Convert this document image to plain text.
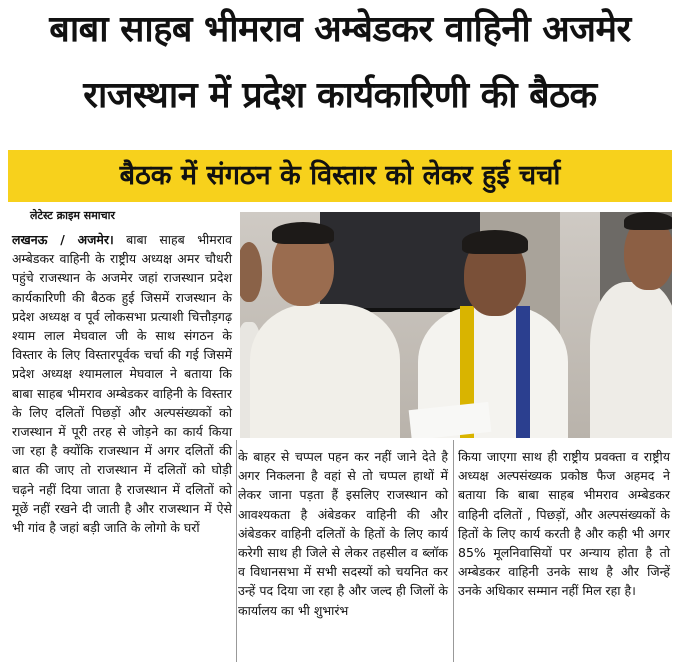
बाबा साहब भीमराव अम्बेडकर वाहिनी अजमेर
राजस्थान में प्रदेश कार्यकारिणी की बैठक
बैठक में संगठन के विस्तार को लेकर हुई चर्चा
लेटेस्ट क्राइम समाचार

लखनऊ / अजमेर। बाबा साहब भीमराव अम्बेडकर वाहिनी के राष्ट्रीय अध्यक्ष अमर चौधरी पहुंचे राजस्थान के अजमेर जहां राजस्थान प्रदेश कार्यकारिणी की बैठक हुई जिसमें राजस्थान के प्रदेश अध्यक्ष व पूर्व लोकसभा प्रत्याशी चित्तौड़गढ़ श्याम लाल मेघवाल जी के साथ संगठन के विस्तार के लिए विस्तारपूर्वक चर्चा की गई जिसमें प्रदेश अध्यक्ष श्यामलाल मेघवाल ने बताया कि बाबा साहब भीमराव अम्बेडकर वाहिनी के विस्तार के लिए दलितों पिछड़ों और अल्पसंख्यकों को राजस्थान में पूरी तरह से जोड़ने का कार्य किया जा रहा है क्योंकि राजस्थान में अगर दलितों की बात की जाए तो राजस्थान में दलितों को घोड़ी चढ़ने नहीं दिया जाता है राजस्थान में दलितों को मूछें नहीं रखने दी जाती है और राजस्थान में ऐसे भी गांव है जहां बड़ी जाति के लोगो के घरों

के बाहर से चप्पल पहन कर नहीं जाने देते है अगर निकलना है वहां से तो चप्पल हाथों में लेकर जाना पड़ता हैं इसलिए राजस्थान को आवश्यकता है अंबेडकर वाहिनी की और अंबेडकर वाहिनी दलितों के हितों के लिए कार्य करेगी साथ ही जिले से लेकर तहसील व ब्लॉक व विधानसभा में सभी सदस्यों को चयनित कर उन्हें पद दिया जा रहा है और जल्द ही जिलों के कार्यालय का भी शुभारंभ

किया जाएगा साथ ही राष्ट्रीय प्रवक्ता व राष्ट्रीय अध्यक्ष अल्पसंख्यक प्रकोष्ठ फैज अहमद ने बताया कि बाबा साहब भीमराव अम्बेडकर वाहिनी दलितों , पिछड़ों, और अल्पसंख्यकों के हितों के लिए कार्य करती है और कही भी अगर 85% मूलनिवासियों पर अन्याय होता है तो अम्बेडकर वाहिनी उनके साथ है और जिन्हें उनके अधिकार सम्मान नहीं मिल रहा है।
